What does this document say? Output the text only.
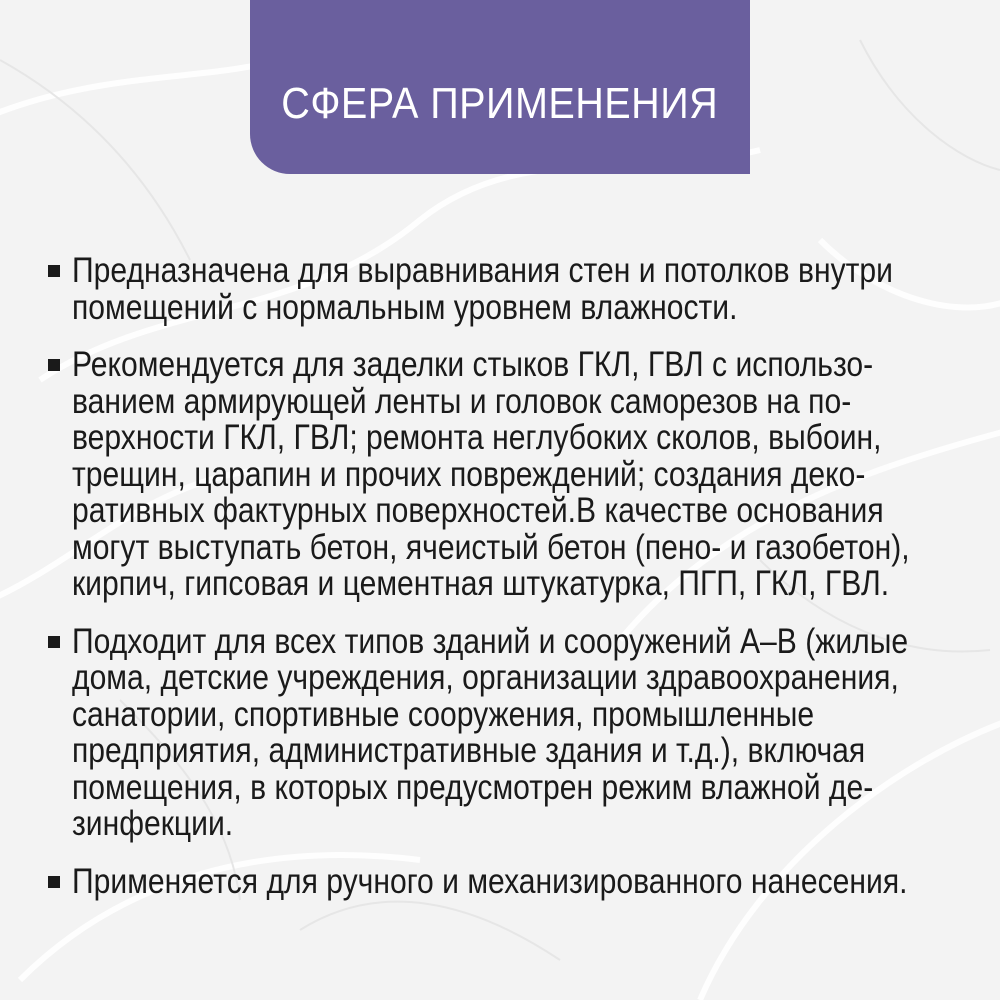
СФЕРА ПРИМЕНЕНИЯ
Предназначена для выравнивания стен и потолков внутри помещений с нормальным уровнем влажности.
Рекомендуется для заделки стыков ГКЛ, ГВЛ с использованием армирующей ленты и головок саморезов на поверхности ГКЛ, ГВЛ; ремонта неглубоких сколов, выбоин, трещин, царапин и прочих повреждений; создания декоративных фактурных поверхностей.В качестве основания могут выступать бетон, ячеистый бетон (пено- и газобетон), кирпич, гипсовая и цементная штукатурка, ПГП, ГКЛ, ГВЛ.
Подходит для всех типов зданий и сооружений А–В (жилые дома, детские учреждения, организации здравоохранения, санатории, спортивные сооружения, промышленные предприятия, административные здания и т.д.), включая помещения, в которых предусмотрен режим влажной дезинфекции.
Применяется для ручного и механизированного нанесения.
